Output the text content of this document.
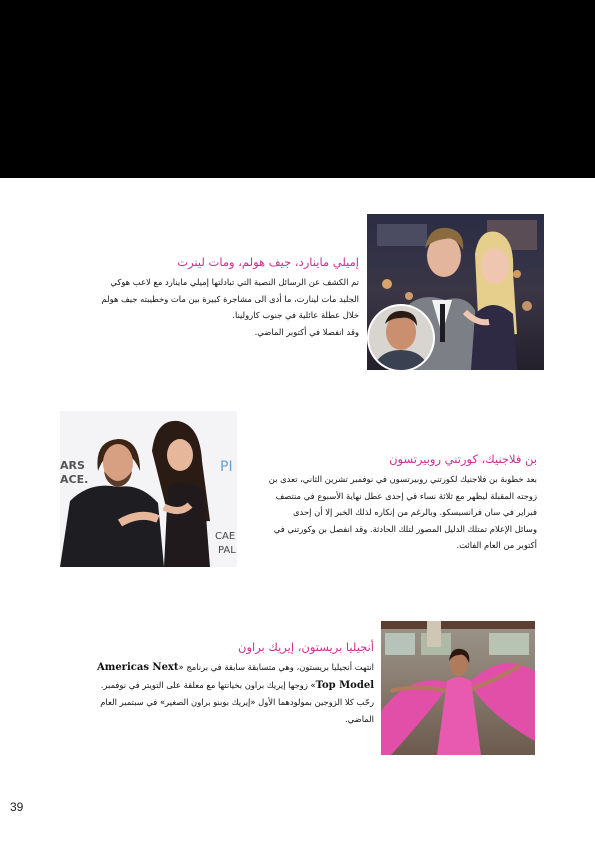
إميلي ماينارد، جيف هولم، ومات لينرت

تم الكشف عن الرسائل النصية التي تبادلتها إميلي ماينارد مع لاعب هوكي
الجليد مات لينارت، ما أدى الى مشاجرة كبيرة بين مات وخطيبته جيف هولم
خلال عطلة عائلية في جنوب كارولينا.
وقد انفصلا في أكتوبر الماضي.

ARS
ACE.
PI
CAE
PAL
بن فلاجنيك، كورتني روبيرتسون

بعد خطوبة بن فلاجنيك لكورتني روبيرتسون في نوفمبر تشرين الثاني، تعدى بن
زوجته المقبلة ليظهر مع ثلاثة نساء في إحدى عطل نهاية الأسبوع في منتصف
فبراير في سان فرانسيسكو. وبالرغم من إنكاره لذلك الخبر إلا أن إحدى
وسائل الإعلام تمتلك الدليل المصور لتلك الحادثة. وقد انفصل بن وكورتني في
أكتوبر من العام الفائت.

أنجيليا بريستون، إيريك براون

انتهت أنجيليا بريستون، وهي متسابقة سابقة في برنامج «Americas Next
Top Model» زوجها إيريك براون بخيانتها مع معلقة على التويتر في نوفمبر.
رحّب كلا الزوجين بمولودهما الأول «إيريك بوبنو براون الصغير» في سبتمبر العام
الماضي.

39
